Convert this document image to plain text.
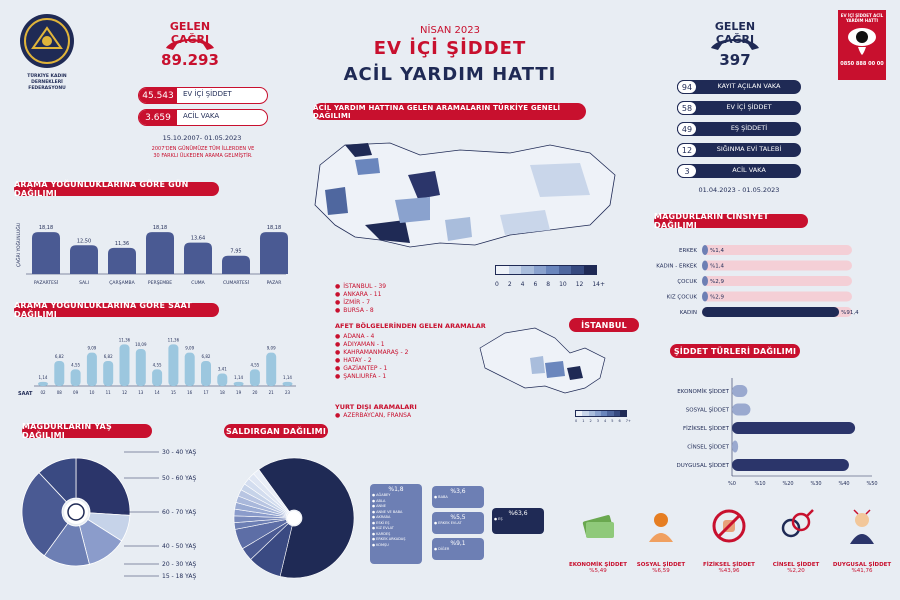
TÜRKİYE KADIN DERNEKLERİ FEDERASYONU
GELEN ÇAĞRI
89.293
45.543	EV İÇİ ŞİDDET
3.659	ACİL VAKA
15.10.2007- 01.05.2023
2007'DEN GÜNÜMÜZE TÜM İLLERDEN VE 30 FARKLI ÜLKEDEN ARAMA GELMİŞTİR.
NİSAN 2023
EV İÇİ ŞİDDET
ACİL YARDIM HATTI
GELEN ÇAĞRI
397
94	KAYIT AÇILAN VAKA
58	EV İÇİ ŞİDDET
49	EŞ ŞİDDETİ
12	SIĞINMA EVİ TALEBİ
3	ACİL VAKA
01.04.2023 - 01.05.2023
EV İÇİ ŞİDDET ACİL YARDIM HATTI
0850 888 00 00
ARAMA YOĞUNLUKLARINA GÖRE GÜN DAĞILIMI
ARAMA YOĞUNLUKLARINA GÖRE SAAT DAĞILIMI
MAĞDURLARIN YAŞ DAĞILIMI	SALDIRGAN DAĞILIMI
ACİL YARDIM HATTINA GELEN ARAMALARIN TÜRKİYE GENELİ DAĞILIMI
MAĞDURLARIN CİNSİYET DAĞILIMI
ŞİDDET TÜRLERİ DAĞILIMI
İSTANBUL
ÇAĞRI YOĞUNLUĞU	18,18
PAZARTESİ
12,50
SALI
11,36
ÇARŞAMBA
18,18
PERŞEMBE
13,64
CUMA
7,95
CUMARTESİ
18,18
PAZAR
SAAT
1,14
02
6,82
08
4,55
09
9,09
10
6,82
11
11,36
12
10,09
13
4,55
14
11,36
15
9,09
16
6,82
17
3,41
18
1,14
19
4,55
20
9,09
21
1,14
23
30 - 40 YAŞ
50 - 60 YAŞ
60 - 70 YAŞ
40 - 50 YAŞ
20 - 30 YAŞ
15 - 18 YAŞ
%1,8
● AĞABEY
● ABLA
● ANNE
● ANNE VE BABA
● AKRABA
● ESKİ EŞ
● KIZ EVLAT
● KARDEŞ
● ERKEK ARKADAŞ
● KOMŞU
%3,6
● BABA
%5,5
● ERKEK EVLAT
%9,1
● DİĞER
%63,6
● EŞ
0 2 4 6 8 10 12 14+
● İSTANBUL - 39
● ANKARA - 11
● İZMİR - 7
● BURSA - 8
AFET BÖLGELERİNDEN GELEN ARAMALAR
● ADANA - 4
● ADIYAMAN - 1
● KAHRAMANMARAŞ - 2
● HATAY - 2
● GAZİANTEP - 1
● ŞANLIURFA - 1
YURT DIŞI ARAMALARI
● AZERBAYCAN, FRANSA
0 1 2 3 4 5 6 7+
ERKEK %1,4
KADIN - ERKEK %1,4
ÇOCUK %2,9
KIZ ÇOCUK %2,9
KADIN	%91,4
%0	%10	%20	%30	%40	%50
EKONOMİK ŞİDDET
SOSYAL ŞİDDET
FİZİKSEL ŞİDDET
CİNSEL ŞİDDET
DUYGUSAL ŞİDDET
EKONOMİK ŞİDDET
%5,49
SOSYAL ŞİDDET
%6,59
FİZİKSEL ŞİDDET
%43,96
CİNSEL ŞİDDET
%2,20
DUYGUSAL ŞİDDET
%41,76
